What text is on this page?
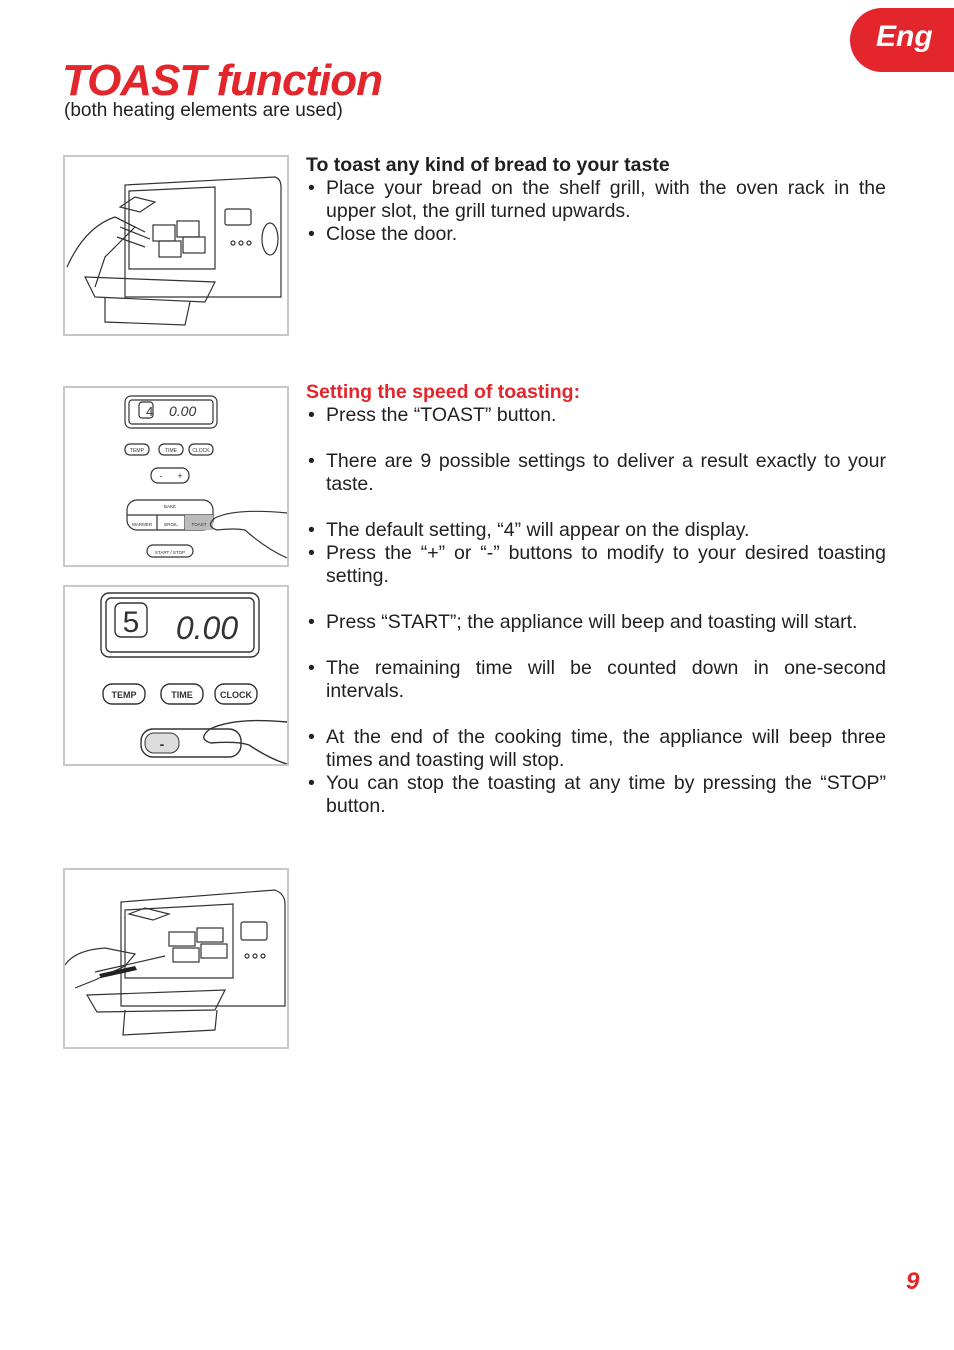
Eng
TOAST function
(both heating elements are used)
To toast any kind of bread to your taste
• Place your bread on the shelf grill, with the oven rack in the upper slot, the grill turned upwards.
• Close the door.
4 0.00
TEMP	TIME	CLOCK
- +
BAKE
WARMER	BROIL	TOAST
START / STOP
5 0.00
TEMP	TIME	CLOCK
-
Setting the speed of toasting:
• Press the “TOAST” button.
• There are 9 possible settings to deliver a result exactly to your taste.
• The default setting, “4” will appear on the display.
• Press the “+” or “-” buttons to modify to your desired toasting setting.
• Press “START”; the appliance will beep and toasting will start.
• The remaining time will be counted down in one-second intervals.
• At the end of the cooking time, the appliance will beep three times and toasting will stop.
• You can stop the toasting at any time by pressing the “STOP” button.
9
